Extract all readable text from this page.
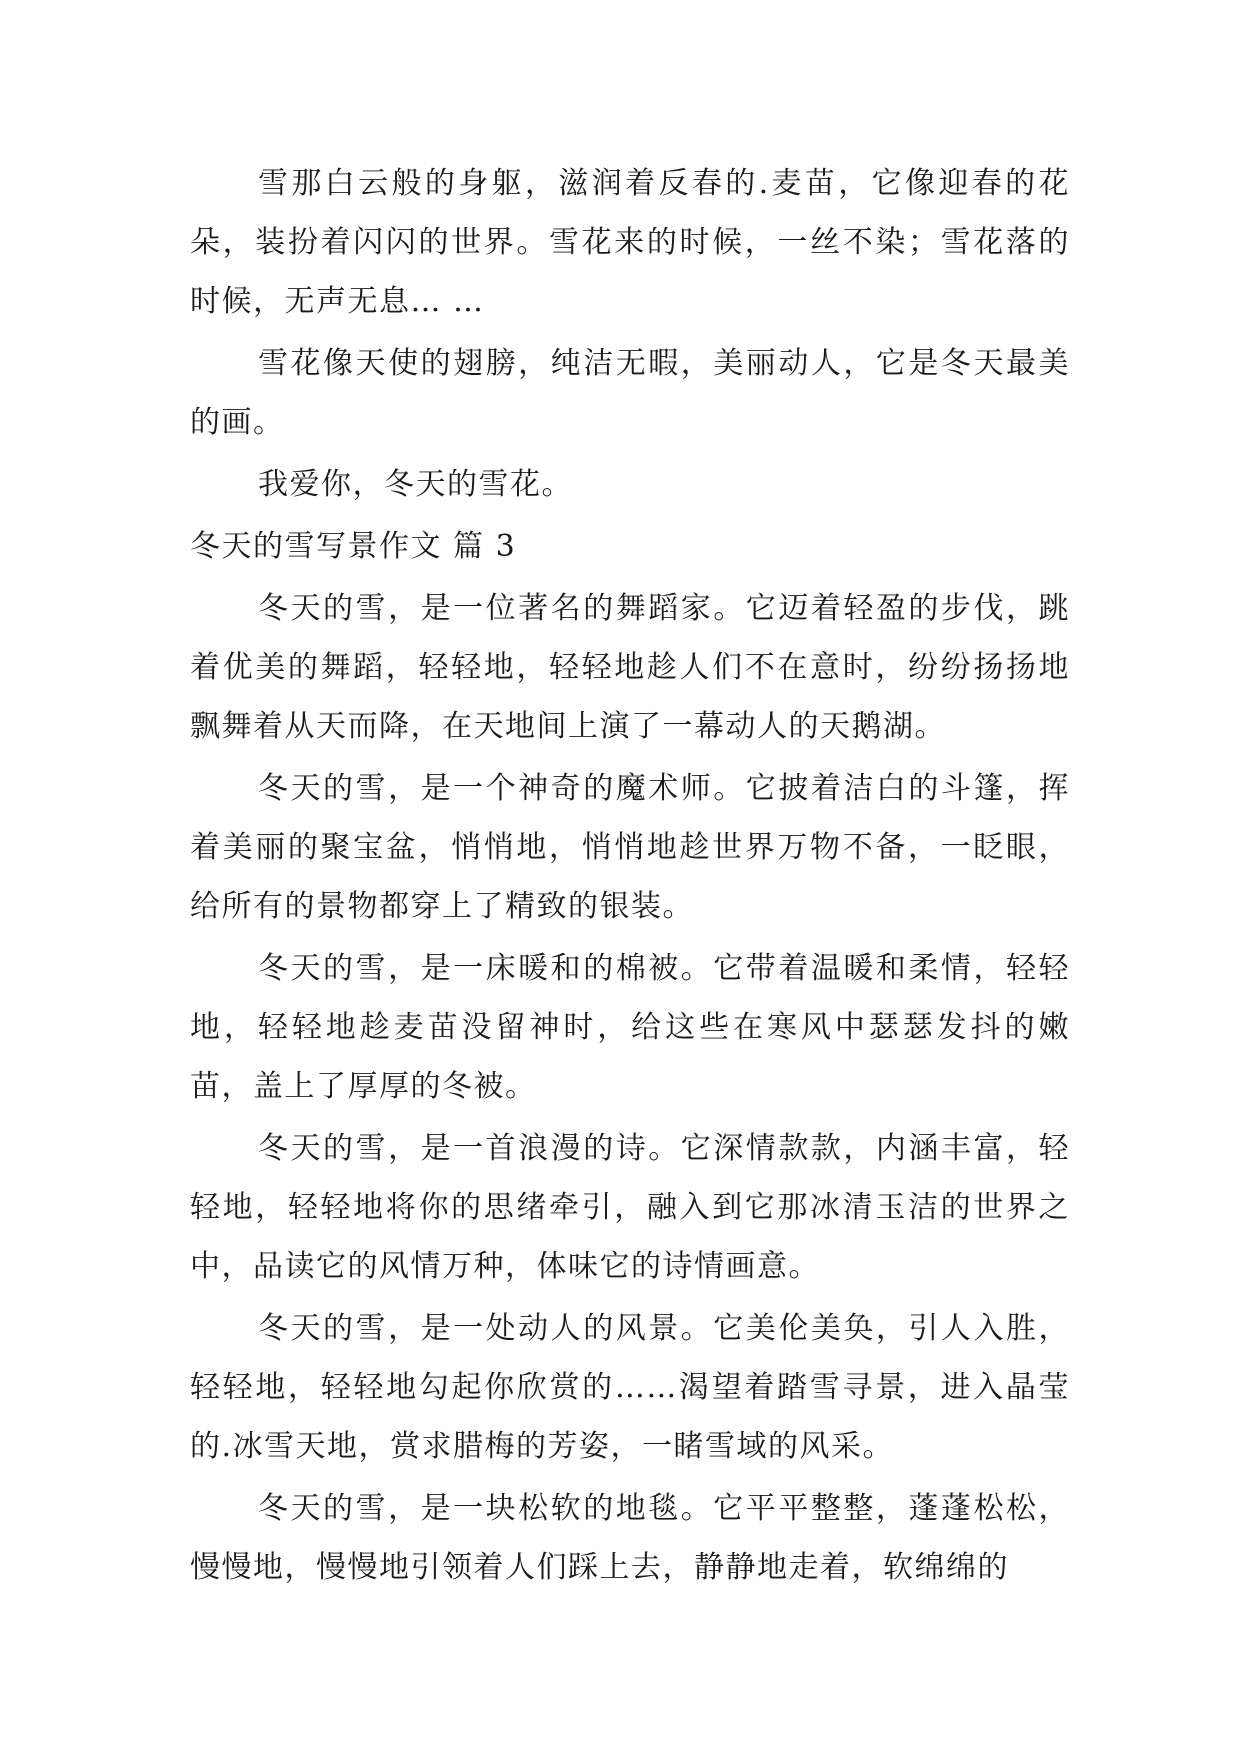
雪那白云般的身躯，滋润着反春的.麦苗，它像迎春的花朵，装扮着闪闪的世界。雪花来的时候，一丝不染；雪花落的时候，无声无息… …

雪花像天使的翅膀，纯洁无暇，美丽动人，它是冬天最美的画。

我爱你，冬天的雪花。

冬天的雪写景作文 篇 3

冬天的雪，是一位著名的舞蹈家。它迈着轻盈的步伐，跳着优美的舞蹈，轻轻地，轻轻地趁人们不在意时，纷纷扬扬地飘舞着从天而降，在天地间上演了一幕动人的天鹅湖。

冬天的雪，是一个神奇的魔术师。它披着洁白的斗篷，挥着美丽的聚宝盆，悄悄地，悄悄地趁世界万物不备，一眨眼，给所有的景物都穿上了精致的银装。

冬天的雪，是一床暖和的棉被。它带着温暖和柔情，轻轻地，轻轻地趁麦苗没留神时，给这些在寒风中瑟瑟发抖的嫩苗，盖上了厚厚的冬被。

冬天的雪，是一首浪漫的诗。它深情款款，内涵丰富，轻轻地，轻轻地将你的思绪牵引，融入到它那冰清玉洁的世界之中，品读它的风情万种，体味它的诗情画意。

冬天的雪，是一处动人的风景。它美伦美奂，引人入胜，轻轻地，轻轻地勾起你欣赏的……渴望着踏雪寻景，进入晶莹的.冰雪天地，赏求腊梅的芳姿，一睹雪域的风采。

冬天的雪，是一块松软的地毯。它平平整整，蓬蓬松松，慢慢地，慢慢地引领着人们踩上去，静静地走着，软绵绵的
